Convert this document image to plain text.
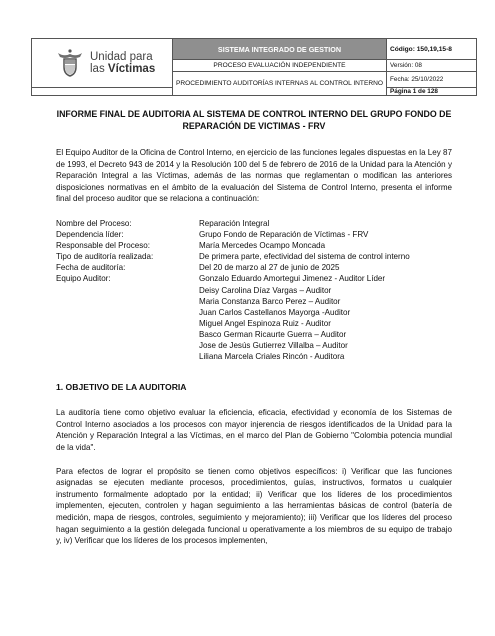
Unidad para
las Víctimas	SISTEMA INTEGRADO DE GESTION	Código: 150,19,15-8
	PROCESO EVALUACIÓN INDEPENDIENTE	Versión: 08
	PROCEDIMIENTO AUDITORÍAS INTERNAS AL CONTROL INTERNO	Fecha: 25/10/2022
		Página 1 de 128

INFORME FINAL DE AUDITORIA AL SISTEMA DE CONTROL INTERNO DEL GRUPO FONDO DE REPARACIÓN DE VICTIMAS - FRV

El Equipo Auditor de la Oficina de Control Interno, en ejercicio de las funciones legales dispuestas en la Ley 87 de 1993, el Decreto 943 de 2014 y la Resolución 100 del 5 de febrero de 2016 de la Unidad para la Atención y Reparación Integral a las Víctimas, además de las normas que reglamentan o modifican las anteriores disposiciones normativas en el ámbito de la evaluación del Sistema de Control Interno, presenta el informe final del proceso auditor que se relaciona a continuación:

Nombre del Proceso:	Reparación Integral
Dependencia líder:	Grupo Fondo de Reparación de Víctimas - FRV
Responsable del Proceso:	María Mercedes Ocampo Moncada
Tipo de auditoría realizada:	De primera parte, efectividad del sistema de control interno
Fecha de auditoría:	Del 20 de marzo al 27 de junio de 2025
Equipo Auditor:	Gonzalo Eduardo Amortegui Jimenez - Auditor Líder
Deisy Carolina Díaz Vargas – Auditor
Maria Constanza Barco Perez – Auditor
Juan Carlos Castellanos Mayorga -Auditor
Miguel Angel Espinoza Ruiz - Auditor
Basco German Ricaurte Guerra – Auditor
Jose de Jesús Gutierrez Villalba – Auditor
Liliana Marcela Criales Rincón - Auditora

1. OBJETIVO DE LA AUDITORIA

La auditoría tiene como objetivo evaluar la eficiencia, eficacia, efectividad y economía de los Sistemas de Control Interno asociados a los procesos con mayor injerencia de riesgos identificados de la Unidad para la Atención y Reparación Integral a las Víctimas, en el marco del Plan de Gobierno "Colombia potencia mundial de la vida".

Para efectos de lograr el propósito se tienen como objetivos específicos: i) Verificar que las funciones asignadas se ejecuten mediante procesos, procedimientos, guías, instructivos, formatos u cualquier instrumento formalmente adoptado por la entidad; ii) Verificar que los líderes de los procedimientos implementen, ejecuten, controlen y hagan seguimiento a las herramientas básicas de control (batería de medición, mapa de riesgos, controles, seguimiento y mejoramiento); iii) Verificar que los líderes del proceso hagan seguimiento a la gestión delegada funcional u operativamente a los miembros de su equipo de trabajo y, iv) Verificar que los líderes de los procesos implementen,
